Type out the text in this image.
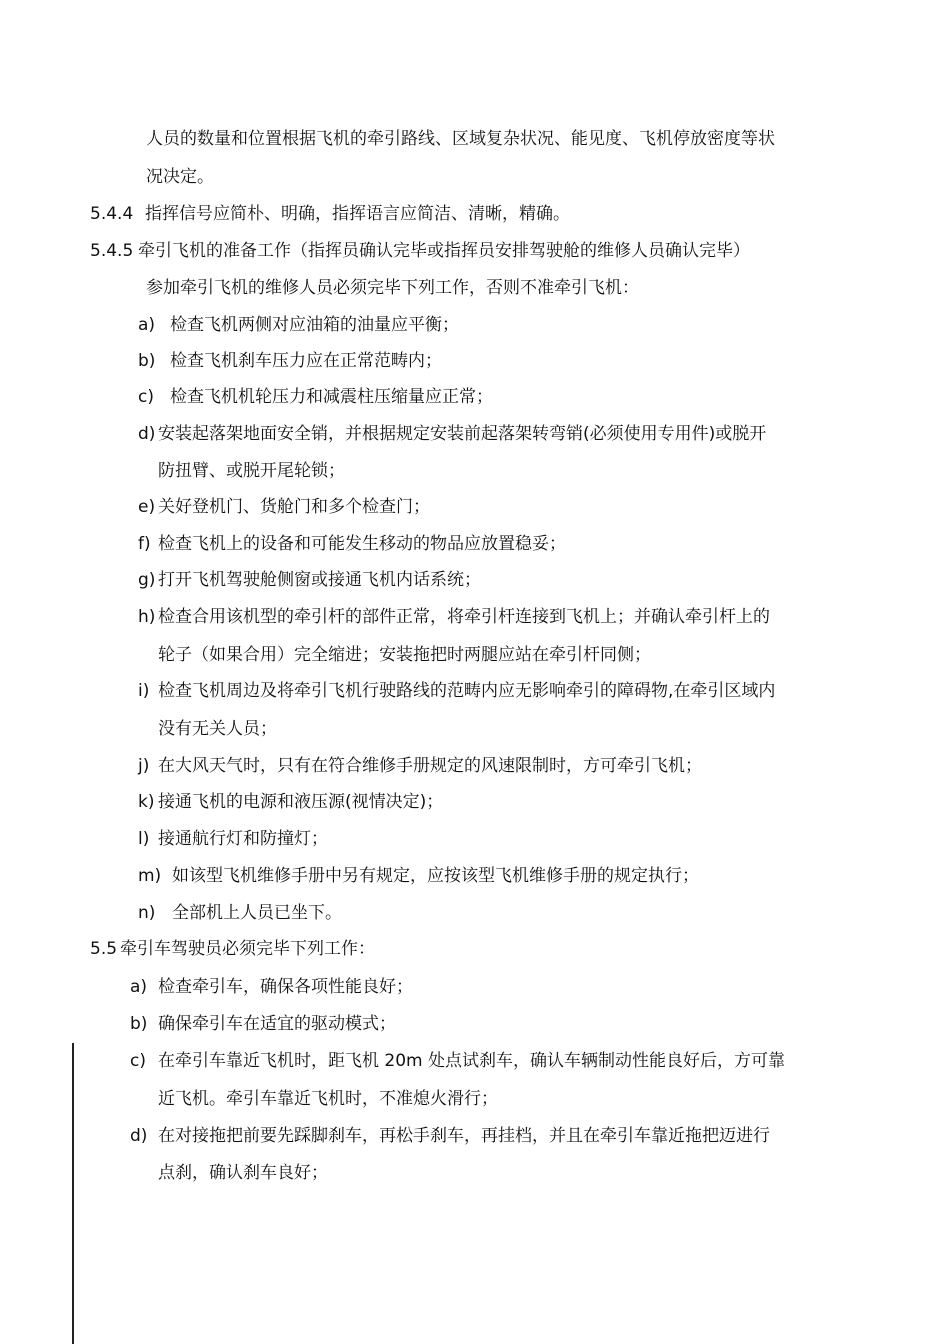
人员的数量和位置根据飞机的牵引路线、区域复杂状况、能见度、飞机停放密度等状
况决定。
5.4.4 指挥信号应简朴、明确，指挥语言应简洁、清晰，精确。
5.4.5 牵引飞机的准备工作（指挥员确认完毕或指挥员安排驾驶舱的维修人员确认完毕）
参加牵引飞机的维修人员必须完毕下列工作，否则不准牵引飞机：
a) 检查飞机两侧对应油箱的油量应平衡；
b) 检查飞机刹车压力应在正常范畴内；
c) 检查飞机机轮压力和减震柱压缩量应正常；
d) 安装起落架地面安全销，并根据规定安装前起落架转弯销(必须使用专用件)或脱开
防扭臂、或脱开尾轮锁；
e) 关好登机门、货舱门和多个检查门；
f) 检查飞机上的设备和可能发生移动的物品应放置稳妥；
g) 打开飞机驾驶舱侧窗或接通飞机内话系统；
h) 检查合用该机型的牵引杆的部件正常，将牵引杆连接到飞机上；并确认牵引杆上的
轮子（如果合用）完全缩进；安装拖把时两腿应站在牵引杆同侧；
i) 检查飞机周边及将牵引飞机行驶路线的范畴内应无影响牵引的障碍物,在牵引区域内
没有无关人员；
j) 在大风天气时，只有在符合维修手册规定的风速限制时，方可牵引飞机；
k) 接通飞机的电源和液压源(视情决定)；
l) 接通航行灯和防撞灯；
m) 如该型飞机维修手册中另有规定，应按该型飞机维修手册的规定执行；
n) 全部机上人员已坐下。
5.5 牵引车驾驶员必须完毕下列工作：
a) 检查牵引车，确保各项性能良好；
b) 确保牵引车在适宜的驱动模式；
c) 在牵引车靠近飞机时，距飞机 20m 处点试刹车，确认车辆制动性能良好后，方可靠
近飞机。牵引车靠近飞机时，不准熄火滑行；
d) 在对接拖把前要先踩脚刹车，再松手刹车，再挂档，并且在牵引车靠近拖把迈进行
点刹，确认刹车良好；
